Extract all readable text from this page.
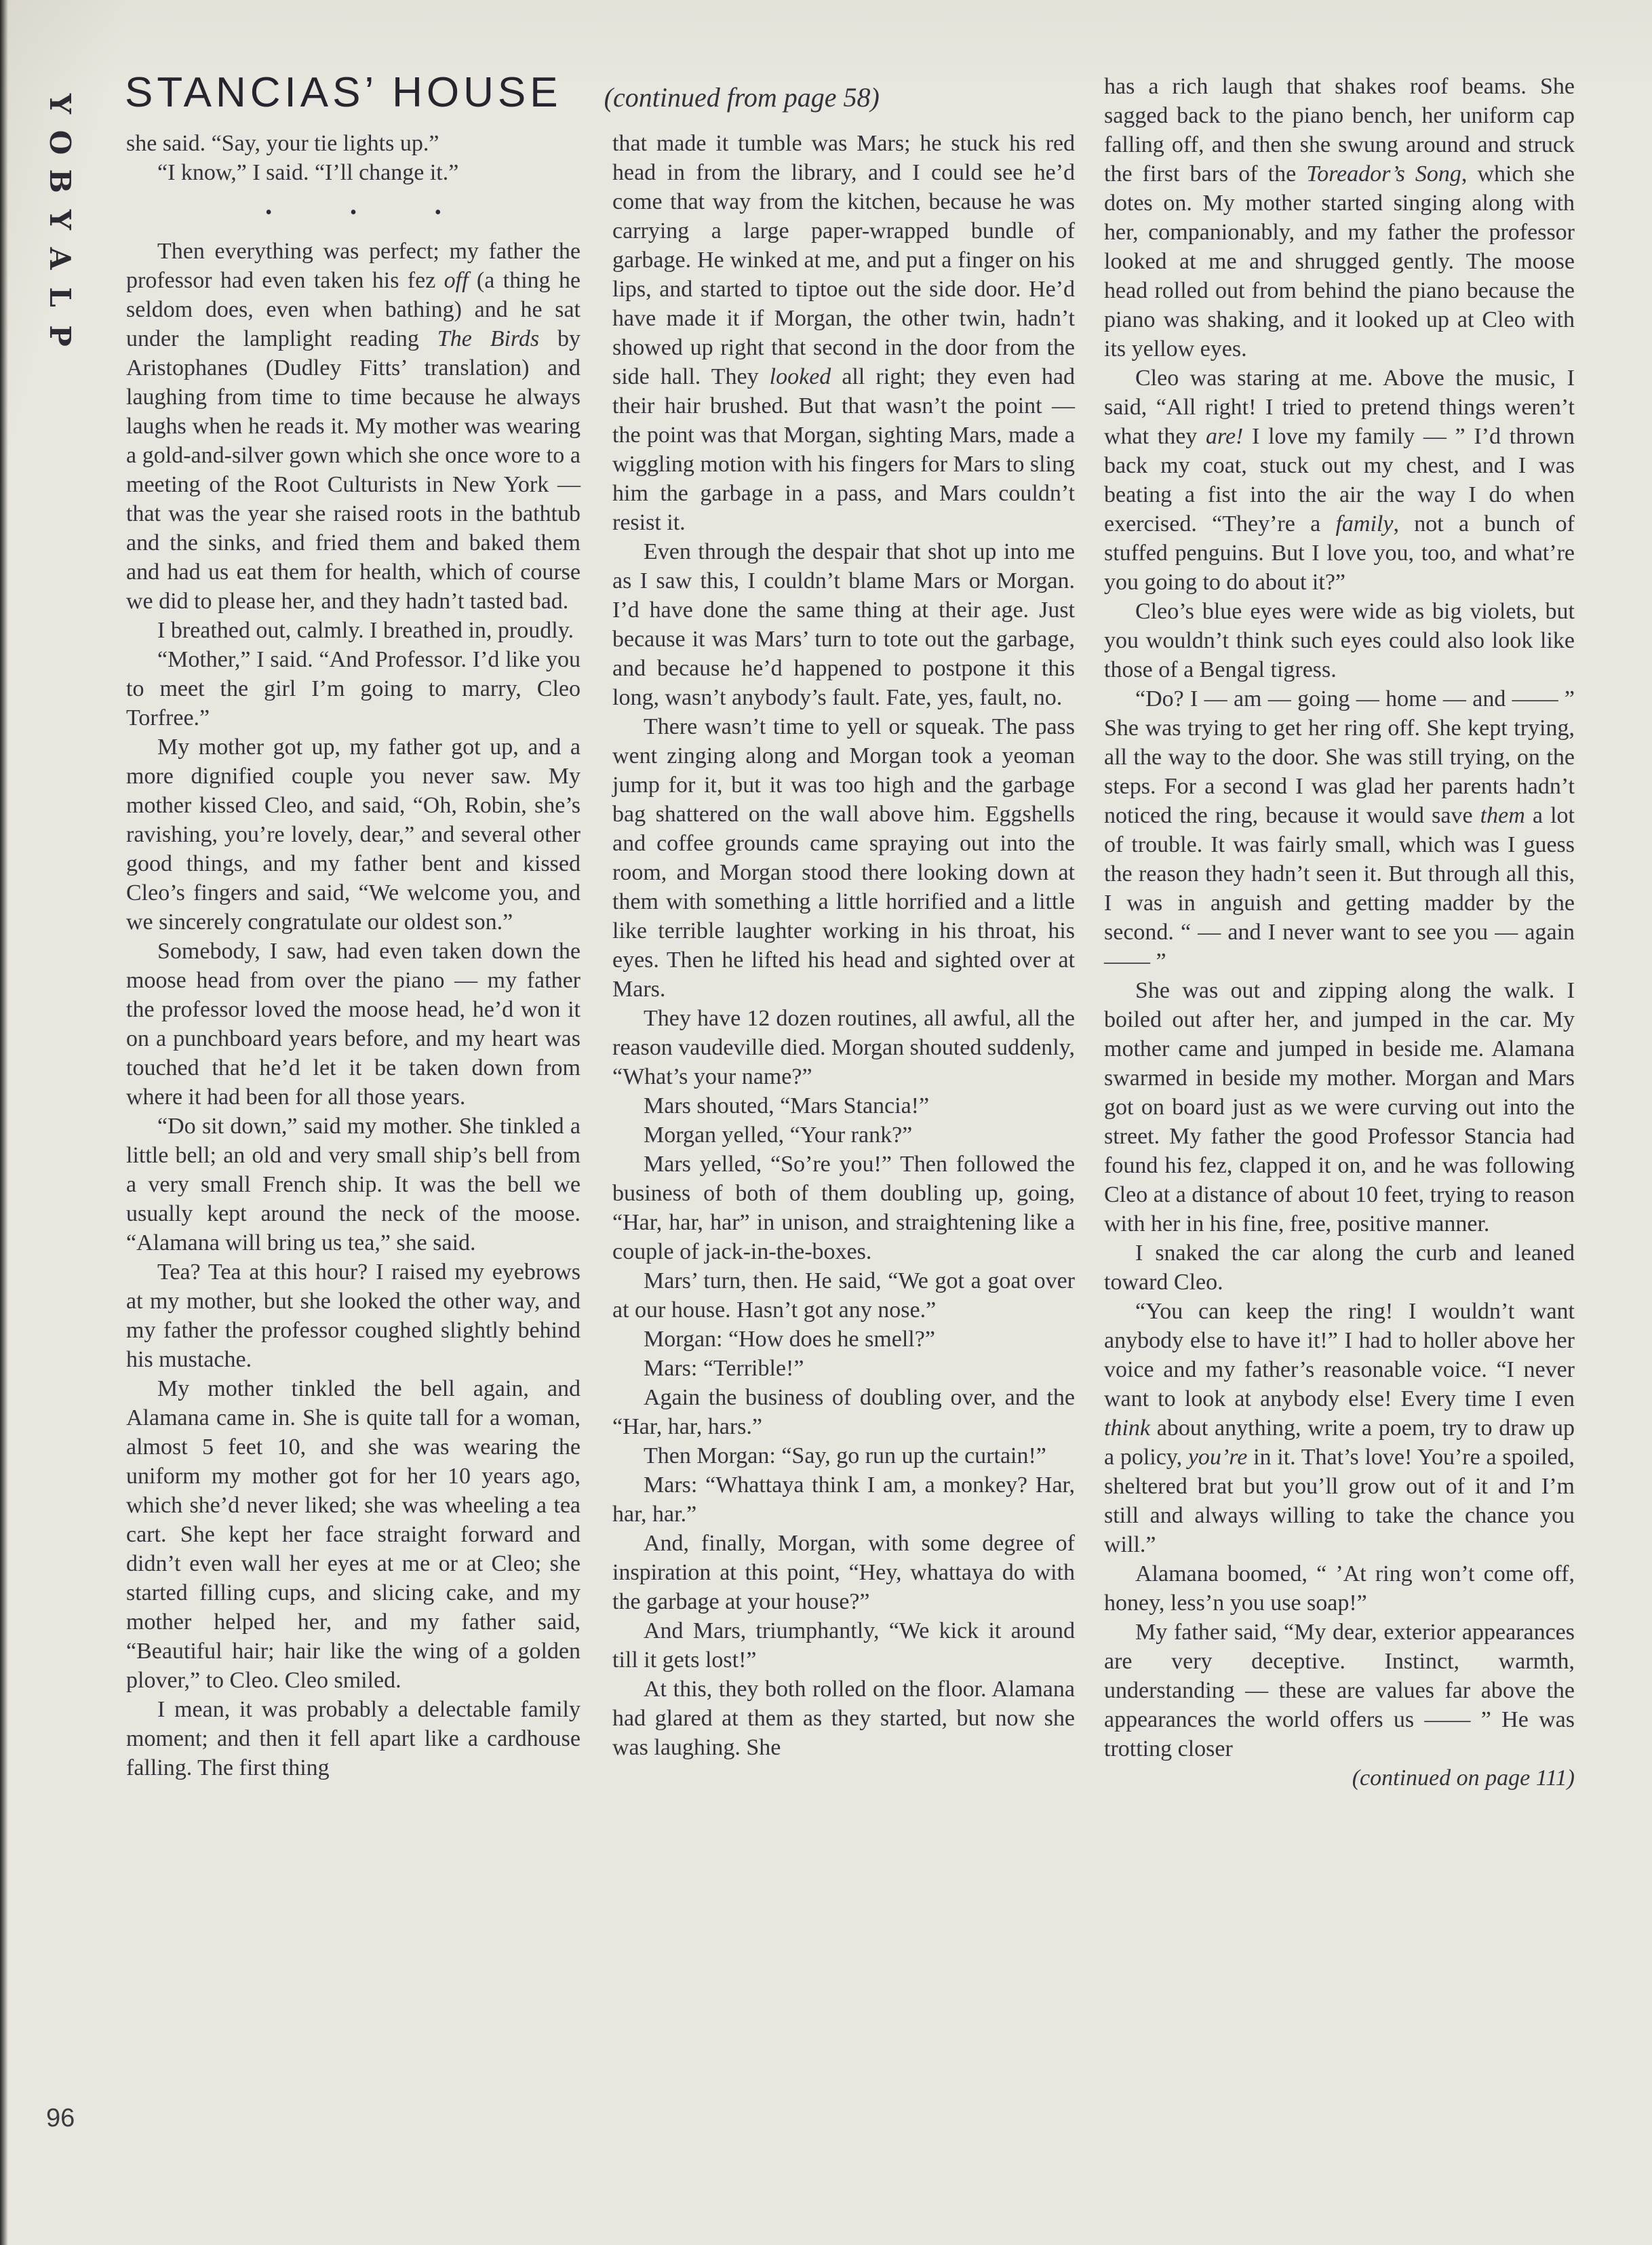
Y
O
B
Y
A
L
P
STANCIAS’ HOUSE (continued from page 58)

she said. “Say, your tie lights up.”

“I know,” I said. “I’ll change it.”

• • •

Then everything was perfect; my father the professor had even taken his fez off (a thing he seldom does, even when bathing) and he sat under the lamplight reading The Birds by Aristophanes (Dudley Fitts’ translation) and laughing from time to time because he always laughs when he reads it. My mother was wearing a gold-and-silver gown which she once wore to a meeting of the Root Culturists in New York — that was the year she raised roots in the bathtub and the sinks, and fried them and baked them and had us eat them for health, which of course we did to please her, and they hadn’t tasted bad.

I breathed out, calmly. I breathed in, proudly.

“Mother,” I said. “And Professor. I’d like you to meet the girl I’m going to marry, Cleo Torfree.”

My mother got up, my father got up, and a more dignified couple you never saw. My mother kissed Cleo, and said, “Oh, Robin, she’s ravishing, you’re lovely, dear,” and several other good things, and my father bent and kissed Cleo’s fingers and said, “We welcome you, and we sincerely congratulate our oldest son.”

Somebody, I saw, had even taken down the moose head from over the piano — my father the professor loved the moose head, he’d won it on a punchboard years before, and my heart was touched that he’d let it be taken down from where it had been for all those years.

“Do sit down,” said my mother. She tinkled a little bell; an old and very small ship’s bell from a very small French ship. It was the bell we usually kept around the neck of the moose. “Alamana will bring us tea,” she said.

Tea? Tea at this hour? I raised my eyebrows at my mother, but she looked the other way, and my father the professor coughed slightly behind his mustache.

My mother tinkled the bell again, and Alamana came in. She is quite tall for a woman, almost 5 feet 10, and she was wearing the uniform my mother got for her 10 years ago, which she’d never liked; she was wheeling a tea cart. She kept her face straight forward and didn’t even wall her eyes at me or at Cleo; she started filling cups, and slicing cake, and my mother helped her, and my father said, “Beautiful hair; hair like the wing of a golden plover,” to Cleo. Cleo smiled.

I mean, it was probably a delectable family moment; and then it fell apart like a cardhouse falling. The first thing

that made it tumble was Mars; he stuck his red head in from the library, and I could see he’d come that way from the kitchen, because he was carrying a large paper-wrapped bundle of garbage. He winked at me, and put a finger on his lips, and started to tiptoe out the side door. He’d have made it if Morgan, the other twin, hadn’t showed up right that second in the door from the side hall. They looked all right; they even had their hair brushed. But that wasn’t the point — the point was that Morgan, sighting Mars, made a wiggling motion with his fingers for Mars to sling him the garbage in a pass, and Mars couldn’t resist it.

Even through the despair that shot up into me as I saw this, I couldn’t blame Mars or Morgan. I’d have done the same thing at their age. Just because it was Mars’ turn to tote out the garbage, and because he’d happened to postpone it this long, wasn’t anybody’s fault. Fate, yes, fault, no.

There wasn’t time to yell or squeak. The pass went zinging along and Morgan took a yeoman jump for it, but it was too high and the garbage bag shattered on the wall above him. Eggshells and coffee grounds came spraying out into the room, and Morgan stood there looking down at them with something a little horrified and a little like terrible laughter working in his throat, his eyes. Then he lifted his head and sighted over at Mars.

They have 12 dozen routines, all awful, all the reason vaudeville died. Morgan shouted suddenly, “What’s your name?”

Mars shouted, “Mars Stancia!”

Morgan yelled, “Your rank?”

Mars yelled, “So’re you!” Then followed the business of both of them doubling up, going, “Har, har, har” in unison, and straightening like a couple of jack-in-the-boxes.

Mars’ turn, then. He said, “We got a goat over at our house. Hasn’t got any nose.”

Morgan: “How does he smell?”

Mars: “Terrible!”

Again the business of doubling over, and the “Har, har, hars.”

Then Morgan: “Say, go run up the curtain!”

Mars: “Whattaya think I am, a monkey? Har, har, har.”

And, finally, Morgan, with some degree of inspiration at this point, “Hey, whattaya do with the garbage at your house?”

And Mars, triumphantly, “We kick it around till it gets lost!”

At this, they both rolled on the floor. Alamana had glared at them as they started, but now she was laughing. She

has a rich laugh that shakes roof beams. She sagged back to the piano bench, her uniform cap falling off, and then she swung around and struck the first bars of the Toreador’s Song, which she dotes on. My mother started singing along with her, companionably, and my father the professor looked at me and shrugged gently. The moose head rolled out from behind the piano because the piano was shaking, and it looked up at Cleo with its yellow eyes.

Cleo was staring at me. Above the music, I said, “All right! I tried to pretend things weren’t what they are! I love my family — ” I’d thrown back my coat, stuck out my chest, and I was beating a fist into the air the way I do when exercised. “They’re a family, not a bunch of stuffed penguins. But I love you, too, and what’re you going to do about it?”

Cleo’s blue eyes were wide as big violets, but you wouldn’t think such eyes could also look like those of a Bengal tigress.

“Do? I — am — going — home — and —— ” She was trying to get her ring off. She kept trying, all the way to the door. She was still trying, on the steps. For a second I was glad her parents hadn’t noticed the ring, because it would save them a lot of trouble. It was fairly small, which was I guess the reason they hadn’t seen it. But through all this, I was in anguish and getting madder by the second. “ — and I never want to see you — again —— ”

She was out and zipping along the walk. I boiled out after her, and jumped in the car. My mother came and jumped in beside me. Alamana swarmed in beside my mother. Morgan and Mars got on board just as we were curving out into the street. My father the good Professor Stancia had found his fez, clapped it on, and he was following Cleo at a distance of about 10 feet, trying to reason with her in his fine, free, positive manner.

I snaked the car along the curb and leaned toward Cleo.

“You can keep the ring! I wouldn’t want anybody else to have it!” I had to holler above her voice and my father’s reasonable voice. “I never want to look at anybody else! Every time I even think about anything, write a poem, try to draw up a policy, you’re in it. That’s love! You’re a spoiled, sheltered brat but you’ll grow out of it and I’m still and always willing to take the chance you will.”

Alamana boomed, “ ’At ring won’t come off, honey, less’n you use soap!”

My father said, “My dear, exterior appearances are very deceptive. Instinct, warmth, understanding — these are values far above the appearances the world offers us —— ” He was trotting closer

(continued on page 111)

96
